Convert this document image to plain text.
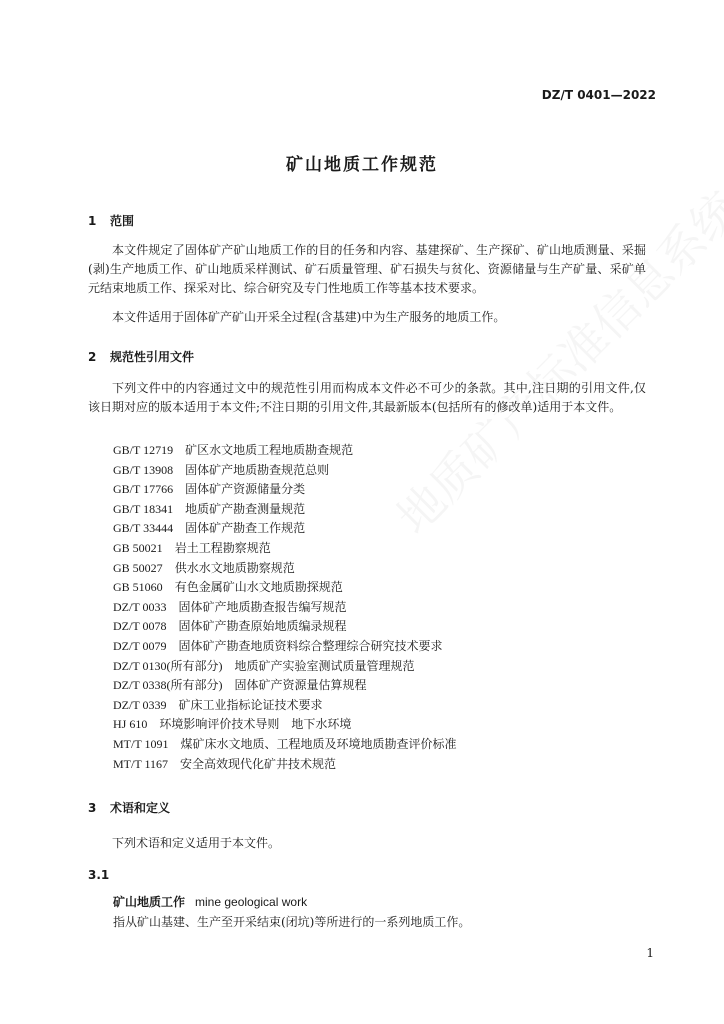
DZ/T 0401—2022
矿山地质工作规范
1 范围
本文件规定了固体矿产矿山地质工作的目的任务和内容、基建探矿、生产探矿、矿山地质测量、采掘(剥)生产地质工作、矿山地质采样测试、矿石质量管理、矿石损失与贫化、资源储量与生产矿量、采矿单元结束地质工作、探采对比、综合研究及专门性地质工作等基本技术要求。
本文件适用于固体矿产矿山开采全过程(含基建)中为生产服务的地质工作。
2 规范性引用文件
下列文件中的内容通过文中的规范性引用而构成本文件必不可少的条款。其中,注日期的引用文件,仅该日期对应的版本适用于本文件;不注日期的引用文件,其最新版本(包括所有的修改单)适用于本文件。
GB/T 12719　 矿区水文地质工程地质勘查规范
GB/T 13908　 固体矿产地质勘查规范总则
GB/T 17766　 固体矿产资源储量分类
GB/T 18341　 地质矿产勘查测量规范
GB/T 33444　 固体矿产勘查工作规范
GB 50021　 岩土工程勘察规范
GB 50027　 供水水文地质勘察规范
GB 51060　 有色金属矿山水文地质勘探规范
DZ/T 0033　 固体矿产地质勘查报告编写规范
DZ/T 0078　 固体矿产勘查原始地质编录规程
DZ/T 0079　 固体矿产勘查地质资料综合整理综合研究技术要求
DZ/T 0130(所有部分)　 地质矿产实验室测试质量管理规范
DZ/T 0338(所有部分)　 固体矿产资源量估算规程
DZ/T 0339　 矿床工业指标论证技术要求
HJ 610　 环境影响评价技术导则　地下水环境
MT/T 1091　 煤矿床水文地质、工程地质及环境地质勘查评价标准
MT/T 1167　 安全高效现代化矿井技术规范
3 术语和定义
下列术语和定义适用于本文件。
3.1
矿山地质工作 mine geological work
指从矿山基建、生产至开采结束(闭坑)等所进行的一系列地质工作。
1
